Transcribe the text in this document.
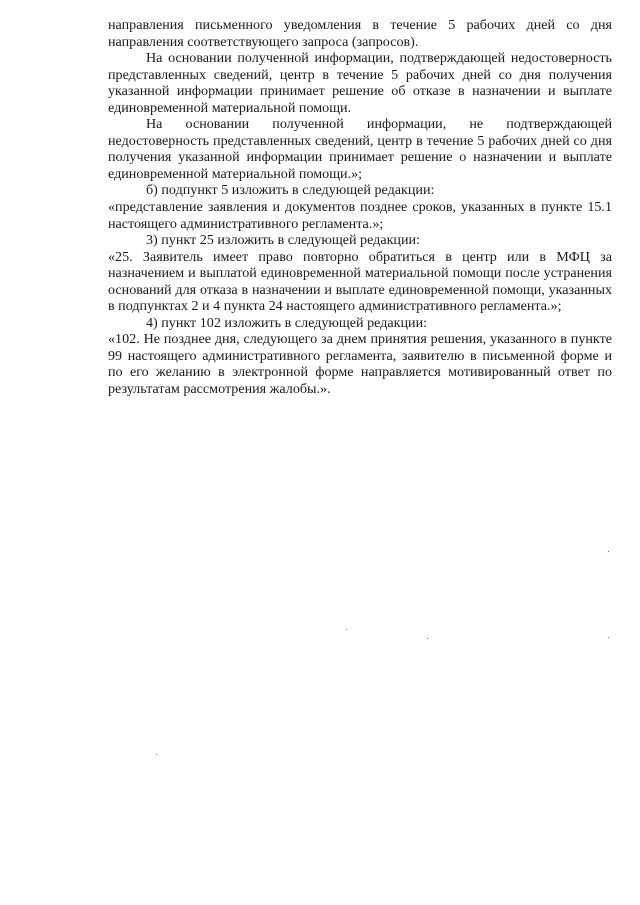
направления письменного уведомления в течение 5 рабочих дней со дня направления соответствующего запроса (запросов).

На основании полученной информации, подтверждающей недостоверность представленных сведений, центр в течение 5 рабочих дней со дня получения указанной информации принимает решение об отказе в назначении и выплате единовременной материальной помощи.

На основании полученной информации, не подтверждающей недостоверность представленных сведений, центр в течение 5 рабочих дней со дня получения указанной информации принимает решение о назначении и выплате единовременной материальной помощи.»;

б) подпункт 5 изложить в следующей редакции:

«представление заявления и документов позднее сроков, указанных в пункте 15.1 настоящего административного регламента.»;

3) пункт 25 изложить в следующей редакции:

«25. Заявитель имеет право повторно обратиться в центр или в МФЦ за назначением и выплатой единовременной материальной помощи после устранения оснований для отказа в назначении и выплате единовременной помощи, указанных в подпунктах 2 и 4 пункта 24 настоящего административного регламента.»;

4) пункт 102 изложить в следующей редакции:

«102. Не позднее дня, следующего за днем принятия решения, указанного в пункте 99 настоящего административного регламента, заявителю в письменной форме и по его желанию в электронной форме направляется мотивированный ответ по результатам рассмотрения жалобы.».
